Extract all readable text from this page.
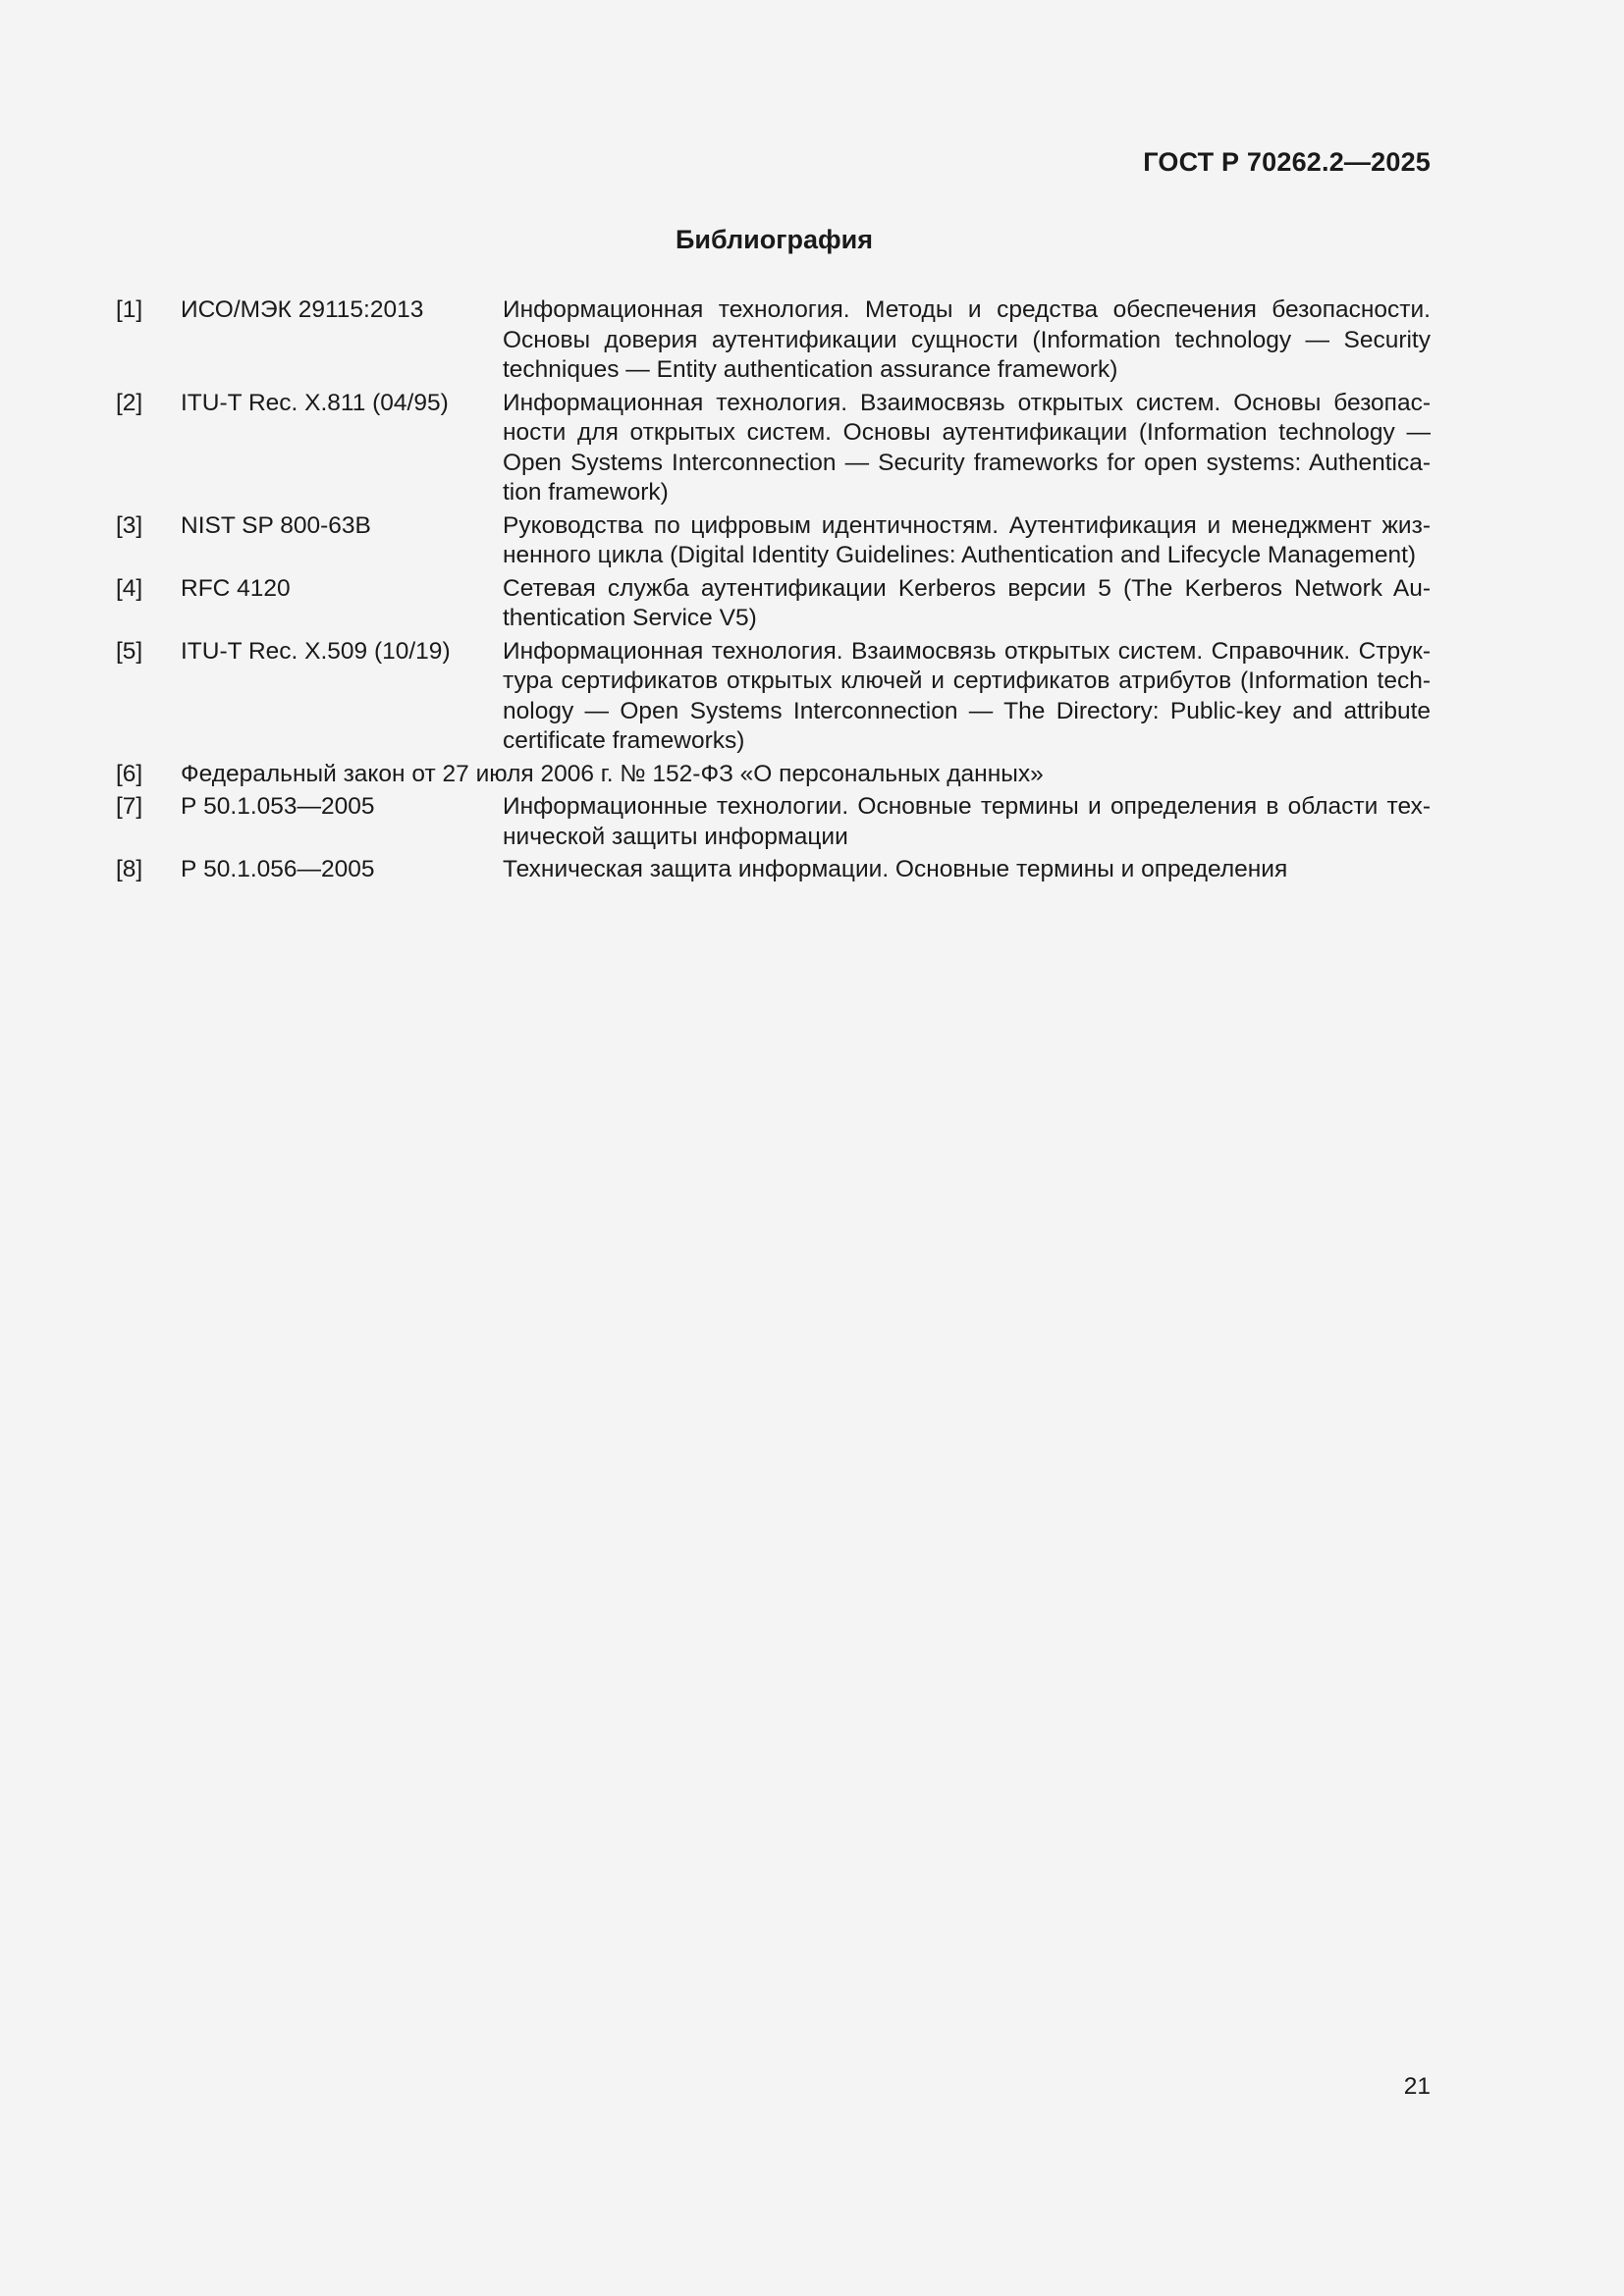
ГОСТ Р 70262.2—2025
Библиография
[1]	ИСО/МЭК 29115:2013	Информационная технология. Методы и средства обеспечения безопасности. Основы доверия аутентификации сущности (Information technology — Security techniques — Entity authentication assurance framework)
[2]	ITU-T Rec. X.811 (04/95)	Информационная технология. Взаимосвязь открытых систем. Основы безопасности для открытых систем. Основы аутентификации (Information technology — Open Systems Interconnection — Security frameworks for open systems: Authentication framework)
[3]	NIST SP 800-63B	Руководства по цифровым идентичностям. Аутентификация и менеджмент жизненного цикла (Digital Identity Guidelines: Authentication and Lifecycle Management)
[4]	RFC 4120	Сетевая служба аутентификации Kerberos версии 5 (The Kerberos Network Authentication Service V5)
[5]	ITU-T Rec. X.509 (10/19)	Информационная технология. Взаимосвязь открытых систем. Справочник. Структура сертификатов открытых ключей и сертификатов атрибутов (Information technology — Open Systems Interconnection — The Directory: Public-key and attribute certificate frameworks)
[6]	Федеральный закон от 27 июля 2006 г. № 152-ФЗ «О персональных данных»
[7]	Р 50.1.053—2005	Информационные технологии. Основные термины и определения в области технической защиты информации
[8]	Р 50.1.056—2005	Техническая защита информации. Основные термины и определения
21
